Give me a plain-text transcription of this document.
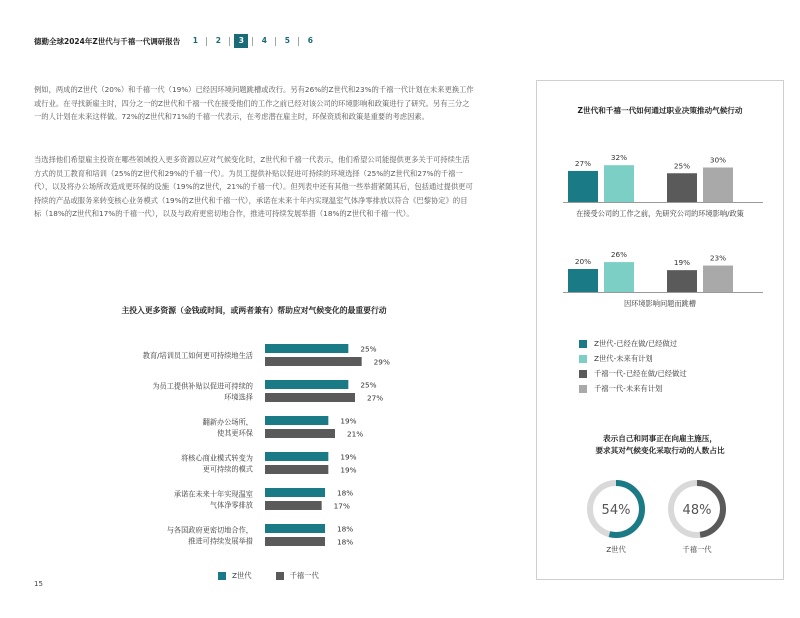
德勤全球2024年Z世代与千禧一代调研报告	1	2	3	4	5	6
例如，两成的Z世代（20%）和千禧一代（19%）已经因环境问题跳槽或改行。另有26%的Z世代和23%的千禧一代计划在未来更换工作或行业。在寻找新雇主时，四分之一的Z世代和千禧一代在接受他们的工作之前已经对该公司的环境影响和政策进行了研究。另有三分之一的人计划在未来这样做。72%的Z世代和71%的千禧一代表示，在考虑潜在雇主时，环保资质和政策是重要的考虑因素。
当选择他们希望雇主投资在哪些领域投入更多资源以应对气候变化时，Z世代和千禧一代表示，他们希望公司能提供更多关于可持续生活方式的员工教育和培训（25%的Z世代和29%的千禧一代）。为员工提供补贴以促进可持续的环境选择（25%的Z世代和27%的千禧一代），以及将办公场所改造成更环保的设施（19%的Z世代，21%的千禧一代）。但列表中还有其他一些举措紧随其后，包括通过提供更可持续的产品或服务来转变核心业务模式（19%的Z世代和千禧一代），承诺在未来十年内实现温室气体净零排放以符合《巴黎协定》的目标（18%的Z世代和17%的千禧一代），以及与政府更密切地合作，推进可持续发展举措（18%的Z世代和千禧一代）。
主投入更多资源（金钱或时间，或两者兼有）帮助应对气候变化的最重要行动
教育/培训员工如何更可持续地生活
25%
29%
为员工提供补贴以促进可持续的
环境选择
25%
27%
翻新办公场所，
使其更环保
19%
21%
将核心商业模式转变为
更可持续的模式
19%
19%
承诺在未来十年实现温室
气体净零排放
18%
17%
与各国政府更密切地合作，
推进可持续发展举措
18%
18%
Z世代	千禧一代
15
Z世代和千禧一代如何通过职业决策推动气候行动
27%
32%
25%
30%
在接受公司的工作之前，先研究公司的环境影响/政策
20%
26%
19%
23%
因环境影响问题而跳槽
Z世代-已经在做/已经做过
Z世代-未来有计划
千禧一代-已经在做/已经做过
千禧一代-未来有计划
表示自己和同事正在向雇主施压，
要求其对气候变化采取行动的人数占比
54%
Z世代
48%
千禧一代
